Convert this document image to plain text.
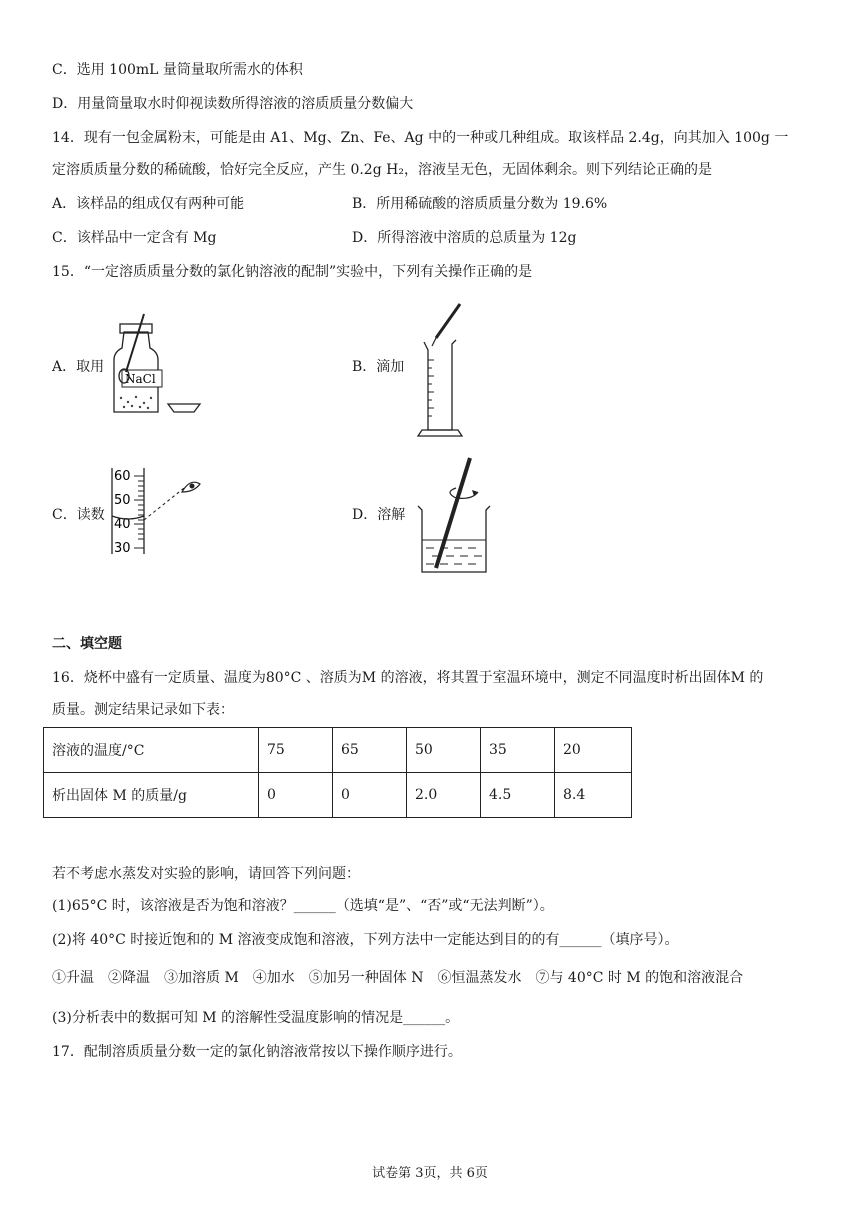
C．选用 100mL 量筒量取所需水的体积
D．用量筒量取水时仰视读数所得溶液的溶质质量分数偏大
14．现有一包金属粉末，可能是由 A1、Mg、Zn、Fe、Ag 中的一种或几种组成。取该样品 2.4g，向其加入 100g 一
定溶质质量分数的稀硫酸，恰好完全反应，产生 0.2g H₂，溶液呈无色，无固体剩余。则下列结论正确的是
A．该样品的组成仅有两种可能	B．所用稀硫酸的溶质质量分数为 19.6%
C．该样品中一定含有 Mg	D．所得溶液中溶质的总质量为 12g
15．“一定溶质质量分数的氯化钠溶液的配制”实验中，下列有关操作正确的是
A．取用
NaCl
B．滴加
C．读数
60
50
40
30
D．溶解
二、填空题
16．烧杯中盛有一定质量、温度为80°C 、溶质为M 的溶液，将其置于室温环境中，测定不同温度时析出固体M 的
质量。测定结果记录如下表：
溶液的温度/°C	75	65	50	35	20
析出固体 M 的质量/g	0	0	2.0	4.5	8.4
若不考虑水蒸发对实验的影响，请回答下列问题：
(1)65°C 时，该溶液是否为饱和溶液？______（选填“是”、“否”或“无法判断”）。
(2)将 40°C 时接近饱和的 M 溶液变成饱和溶液，下列方法中一定能达到目的的有______（填序号）。
①升温　②降温　③加溶质 M　④加水　⑤加另一种固体 N　⑥恒温蒸发水　⑦与 40°C 时 M 的饱和溶液混合
(3)分析表中的数据可知 M 的溶解性受温度影响的情况是______。
17．配制溶质质量分数一定的氯化钠溶液常按以下操作顺序进行。
试卷第 3页，共 6页
